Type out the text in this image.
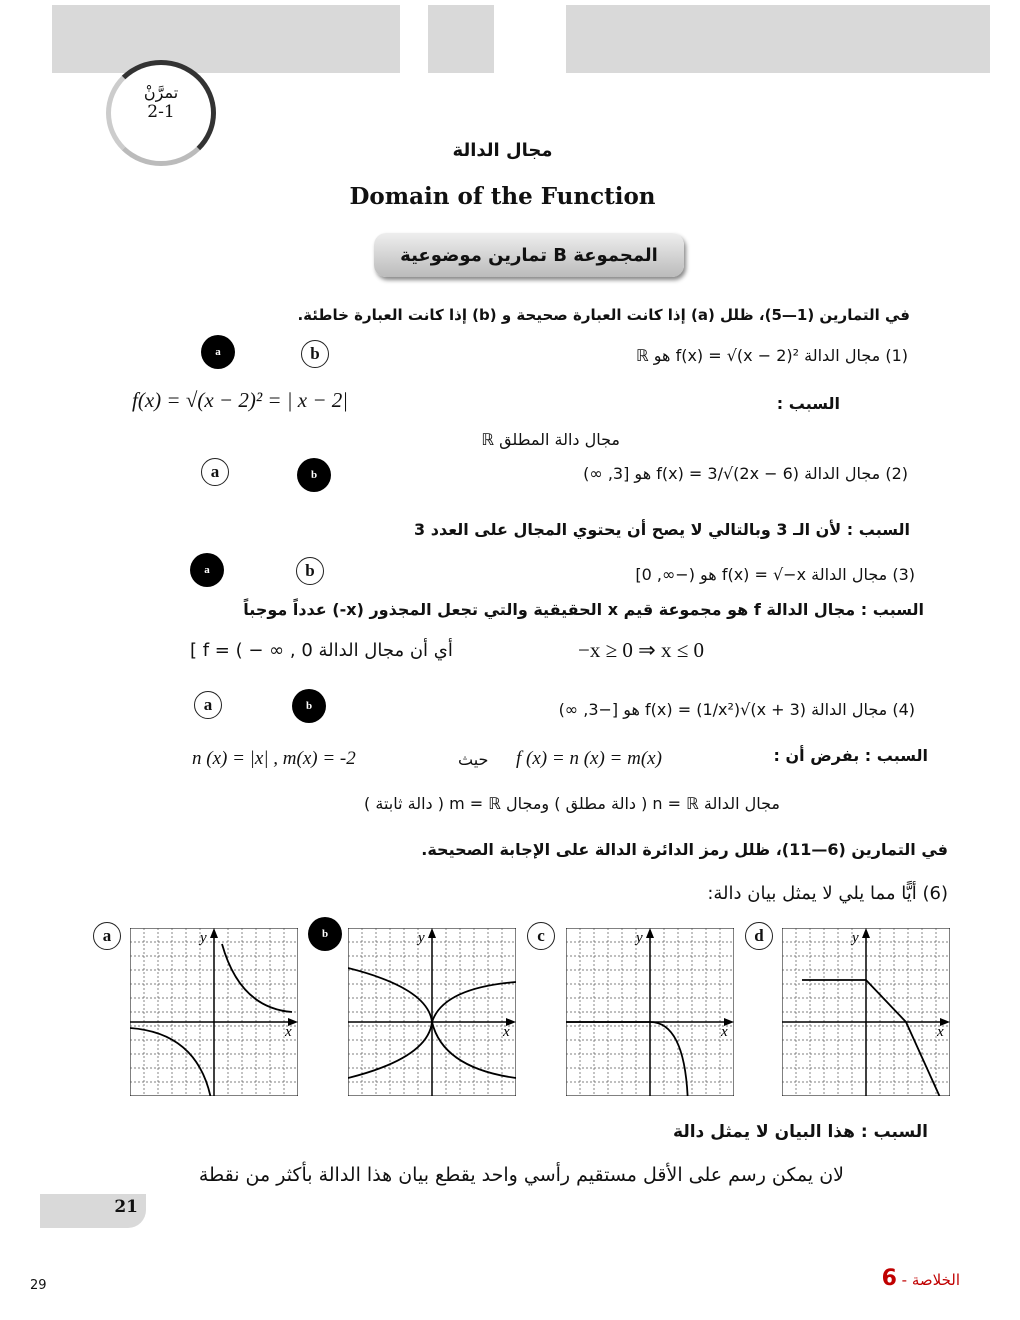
تمرَّنْ
2-1
مجال الدالة
Domain of the Function
المجموعة B تمارين موضوعية
في التمارين (1—5)، ظلل (a) إذا كانت العبارة صحيحة و (b) إذا كانت العبارة خاطئة.
a	b	(1) مجال الدالة f(x) = √(x − 2)² هو ℝ
f(x) = √(x − 2)² = | x − 2|	السبب :
مجال دالة المطلق ℝ
a	b	(2) مجال الدالة f(x) = 3/√(2x − 6) هو [3, ∞)
السبب : لأن الـ 3 وبالتالي لا يصح أن يحتوي المجال على العدد 3
a	b	(3) مجال الدالة f(x) = √−x هو (−∞, 0]
السبب : مجال الدالة f هو مجموعة قيم x الحقيقية والتي تجعل المجذور (x-) عدداً موجباً
−x ≥ 0 ⇒ x ≤ 0
أي أن مجال الدالة f = ( − ∞ , 0 ]
a	b	(4) مجال الدالة f(x) = (1/x²)√(x + 3) هو [−3, ∞)
السبب : بفرض أن :
f (x) = n (x) = m(x)
حيث
n (x) = |x| , m(x) = -2
مجال الدالة n = ℝ ( دالة مطلق ) ومجال m = ℝ ( دالة ثابتة )
في التمارين (6—11)، ظلل رمز الدائرة الدالة على الإجابة الصحيحة.
(6) أيًّا مما يلي لا يمثل بيان دالة:
a	b	c	d
x
y
x
y
x
y
x
y
السبب : هذا البيان لا يمثل دالة
لان يمكن رسم على الأقل مستقيم رأسي واحد يقطع بيان هذا الدالة بأكثر من نقطة
21
29	الخلاصة - 6
